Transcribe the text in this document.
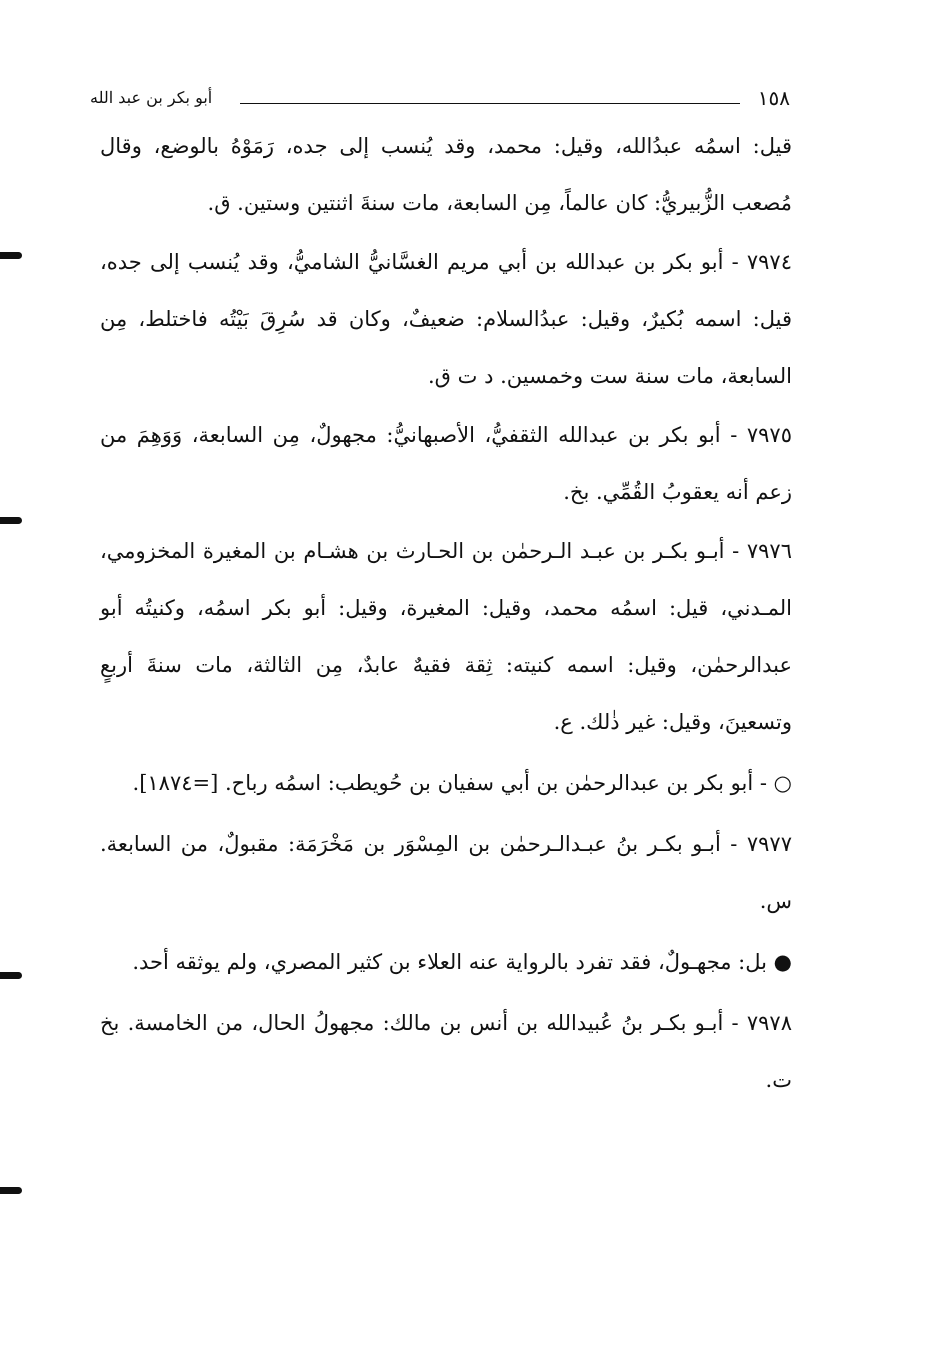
١٥٨
أبو بكر بن عبد الله

قيل: اسمُه عبدُالله، وقيل: محمد، وقد يُنسب إلى جده، رَمَوْهُ بالوضع، وقال مُصعب الزُّبيريُّ: كان عالماً، مِن السابعة، مات سنةَ اثنتين وستين. ق.

٧٩٧٤ - أبو بكر بن عبدالله بن أبي مريم الغسَّانيُّ الشاميُّ، وقد يُنسب إلى جده، قيل: اسمه بُكيرٌ، وقيل: عبدُالسلام: ضعيفٌ، وكان قد سُرِقَ بَيْتُه فاختلط، مِن السابعة، مات سنة ست وخمسين. د ت ق.

٧٩٧٥ - أبو بكر بن عبدالله الثقفيُّ، الأصبهانيُّ: مجهولٌ، مِن السابعة، وَوَهِمَ من زعم أنه يعقوبُ القُمِّي. بخ.

٧٩٧٦ - أبـو بكـر بن عبـد الـرحمٰن بن الحـارث بن هشـام بن المغيرة المخزومي، المـدني، قيل: اسمُه محمد، وقيل: المغيرة، وقيل: أبو بكر اسمُه، وكنيتُه أبو عبدالرحمٰن، وقيل: اسمه كنيته: ثِقة فقيهٌ عابدٌ، مِن الثالثة، مات سنةَ أربعٍ وتسعينَ، وقيل: غير ذٰلك. ع.

○ - أبو بكر بن عبدالرحمٰن بن أبي سفيان بن حُويطب: اسمُه رباح. [=١٨٧٤].

٧٩٧٧ - أبـو بكـر بنُ عبـدالـرحمٰن بن المِسْوَر بن مَخْرَمَة: مقبولٌ، من السابعة. س.

● بل: مجهـولٌ، فقد تفرد بالرواية عنه العلاء بن كثير المصري، ولم يوثقه أحد.

٧٩٧٨ - أبـو بكـر بنُ عُبيدالله بن أنس بن مالك: مجهولُ الحال، من الخامسة. بخ ت.
